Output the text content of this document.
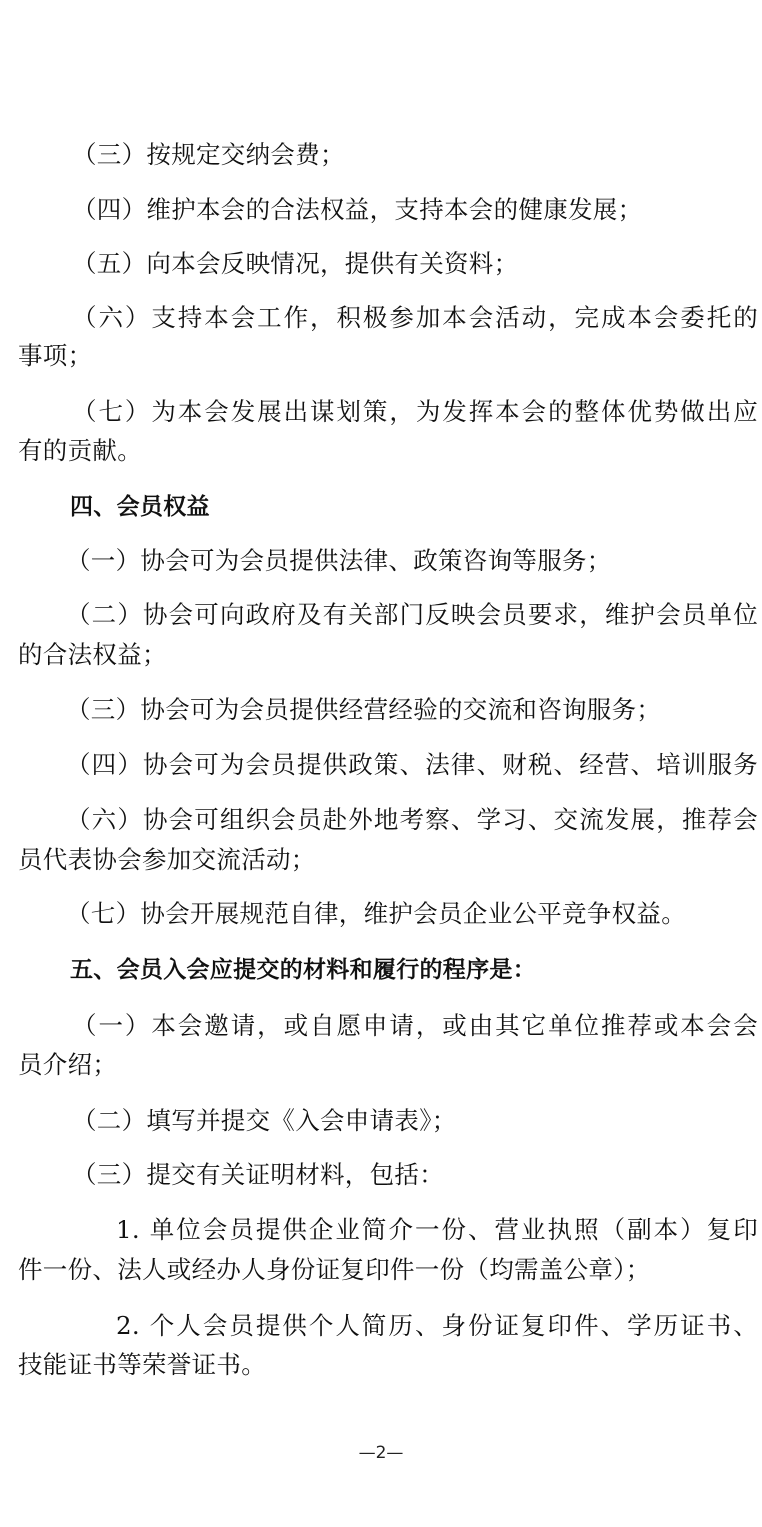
（三）按规定交纳会费；
（四）维护本会的合法权益，支持本会的健康发展；
（五）向本会反映情况，提供有关资料；
（六）支持本会工作，积极参加本会活动，完成本会委托的
事项；
（七）为本会发展出谋划策，为发挥本会的整体优势做出应
有的贡献。
四、会员权益
（一）协会可为会员提供法律、政策咨询等服务；
（二）协会可向政府及有关部门反映会员要求，维护会员单位
的合法权益；
（三）协会可为会员提供经营经验的交流和咨询服务；
（四）协会可为会员提供政策、法律、财税、经营、培训服务
（六）协会可组织会员赴外地考察、学习、交流发展，推荐会
员代表协会参加交流活动；
（七）协会开展规范自律，维护会员企业公平竞争权益。
五、会员入会应提交的材料和履行的程序是：
（一）本会邀请，或自愿申请，或由其它单位推荐或本会会
员介绍；
（二）填写并提交《入会申请表》；
（三）提交有关证明材料，包括：
1. 单位会员提供企业简介一份、营业执照（副本）复印
件一份、法人或经办人身份证复印件一份（均需盖公章）；
2. 个人会员提供个人简历、身份证复印件、学历证书、
技能证书等荣誉证书。
—2—
